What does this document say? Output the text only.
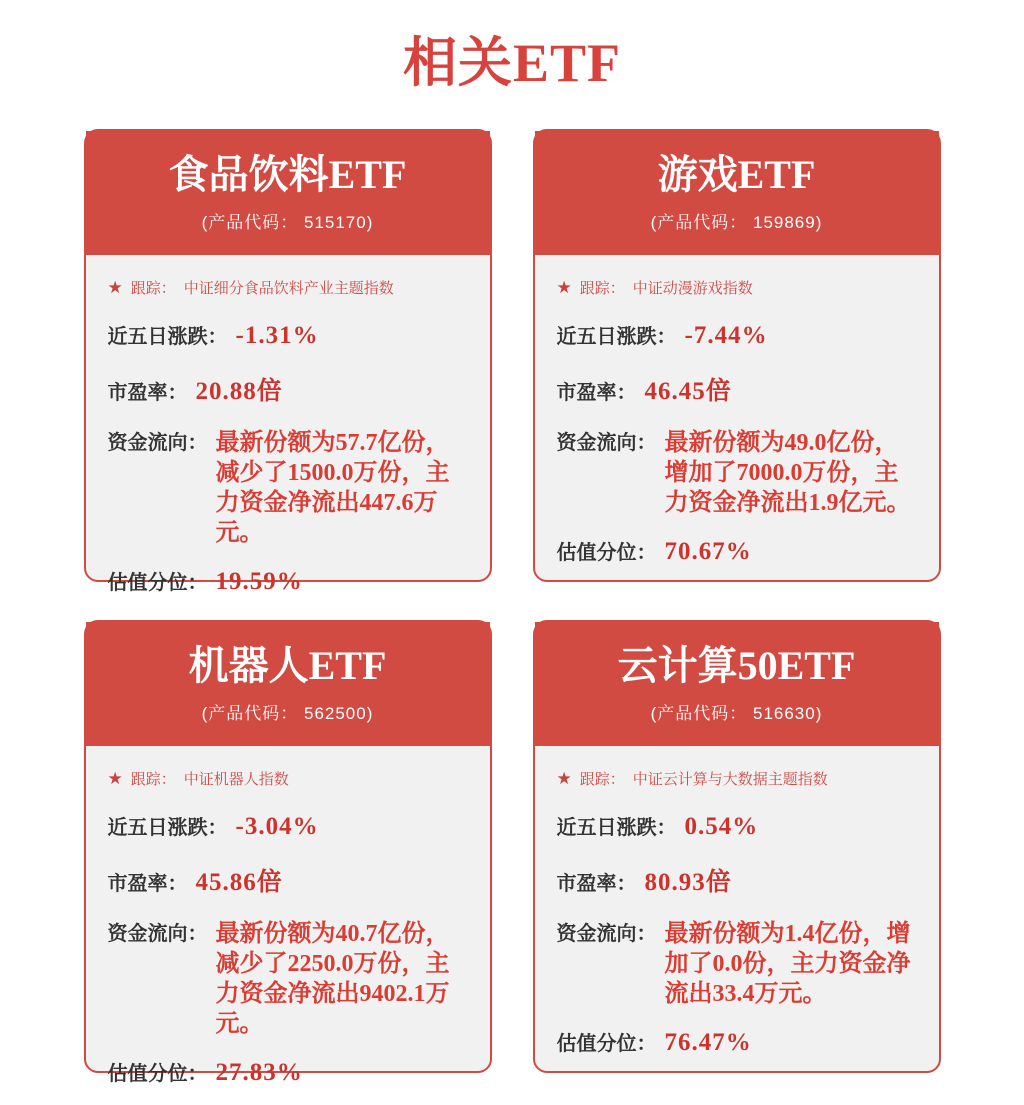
相关ETF
食品饮料ETF
(产品代码： 515170)
★ 跟踪： 中证细分食品饮料产业主题指数
近五日涨跌： -1.31%
市盈率： 20.88倍
资金流向： 最新份额为57.7亿份，减少了1500.0万份，主力资金净流出447.6万元。
估值分位： 19.59%
游戏ETF
(产品代码： 159869)
★ 跟踪： 中证动漫游戏指数
近五日涨跌： -7.44%
市盈率： 46.45倍
资金流向： 最新份额为49.0亿份，增加了7000.0万份，主力资金净流出1.9亿元。
估值分位： 70.67%
机器人ETF
(产品代码： 562500)
★ 跟踪： 中证机器人指数
近五日涨跌： -3.04%
市盈率： 45.86倍
资金流向： 最新份额为40.7亿份，减少了2250.0万份，主力资金净流出9402.1万元。
估值分位： 27.83%
云计算50ETF
(产品代码： 516630)
★ 跟踪： 中证云计算与大数据主题指数
近五日涨跌： 0.54%
市盈率： 80.93倍
资金流向： 最新份额为1.4亿份，增加了0.0份，主力资金净流出33.4万元。
估值分位： 76.47%
